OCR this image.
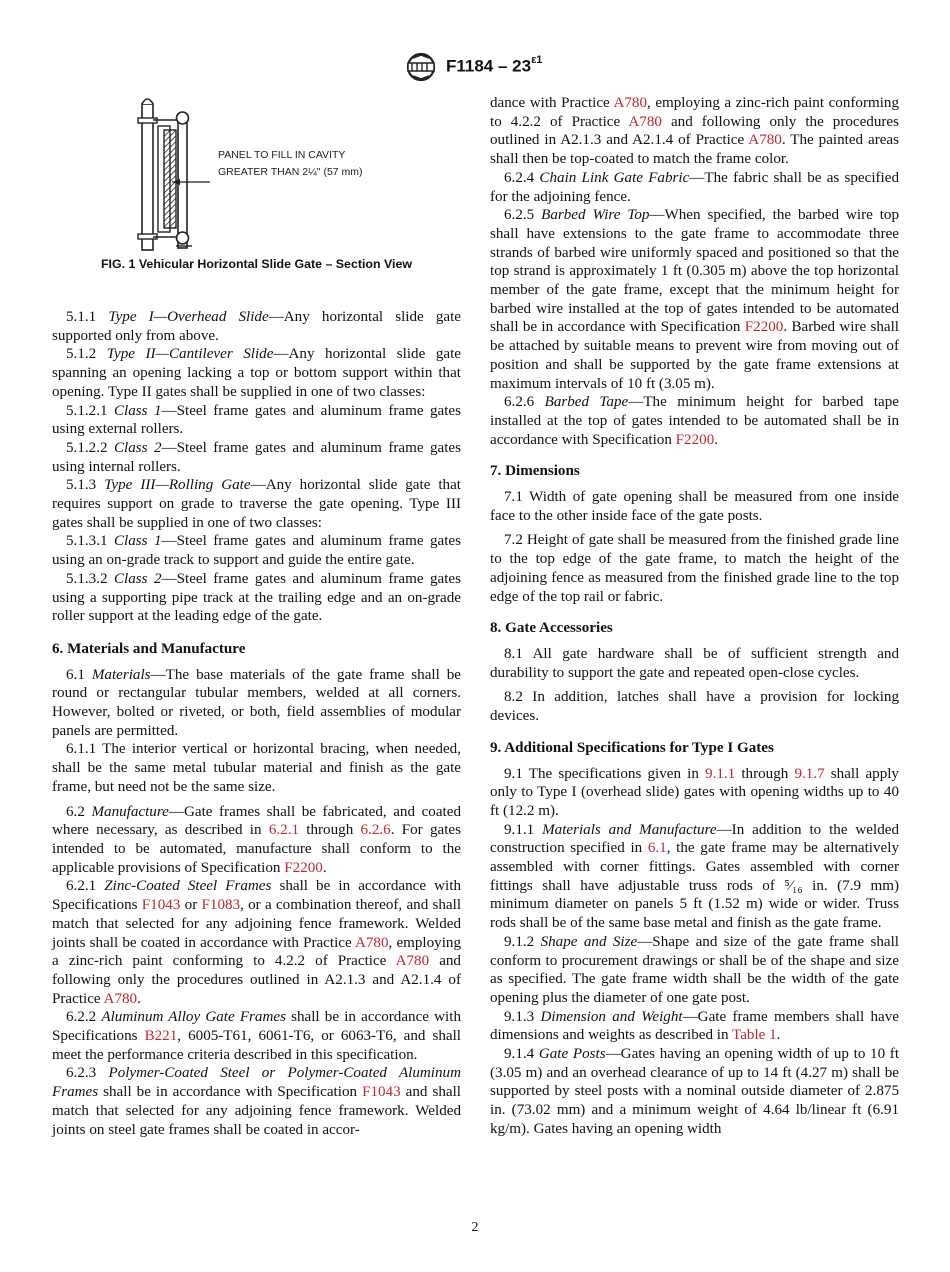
$F1184 - 23^{\varepsilon 1}$
PANEL TO FILL IN CAVITY
GREATER THAN 2¼" (57 mm)
FIG. 1 Vehicular Horizontal Slide Gate – Section View

5.1.1 Type I—Overhead Slide—Any horizontal slide gate supported only from above.

5.1.2 Type II—Cantilever Slide—Any horizontal slide gate spanning an opening lacking a top or bottom support within that opening. Type II gates shall be supplied in one of two classes:

5.1.2.1 Class 1—Steel frame gates and aluminum frame gates using external rollers.

5.1.2.2 Class 2—Steel frame gates and aluminum frame gates using internal rollers.

5.1.3 Type III—Rolling Gate—Any horizontal slide gate that requires support on grade to traverse the gate opening. Type III gates shall be supplied in one of two classes:

5.1.3.1 Class 1—Steel frame gates and aluminum frame gates using an on-grade track to support and guide the entire gate.

5.1.3.2 Class 2—Steel frame gates and aluminum frame gates using a supporting pipe track at the trailing edge and an on-grade roller support at the leading edge of the gate.

6. Materials and Manufacture

6.1 Materials—The base materials of the gate frame shall be round or rectangular tubular members, welded at all corners. However, bolted or riveted, or both, field assemblies of modular panels are permitted.

6.1.1 The interior vertical or horizontal bracing, when needed, shall be the same metal tubular material and finish as the gate frame, but need not be the same size.

6.2 Manufacture—Gate frames shall be fabricated, and coated where necessary, as described in 6.2.1 through 6.2.6. For gates intended to be automated, manufacture shall conform to the applicable provisions of Specification F2200.

6.2.1 Zinc-Coated Steel Frames shall be in accordance with Specifications F1043 or F1083, or a combination thereof, and shall match that selected for any adjoining fence framework. Welded joints shall be coated in accordance with Practice A780, employing a zinc-rich paint conforming to 4.2.2 of Practice A780 and following only the procedures outlined in A2.1.3 and A2.1.4 of Practice A780.

6.2.2 Aluminum Alloy Gate Frames shall be in accordance with Specifications B221, 6005-T61, 6061-T6, or 6063-T6, and shall meet the performance criteria described in this specification.

6.2.3 Polymer-Coated Steel or Polymer-Coated Aluminum Frames shall be in accordance with Specification F1043 and shall match that selected for any adjoining fence framework. Welded joints on steel gate frames shall be coated in accor-

dance with Practice A780, employing a zinc-rich paint conforming to 4.2.2 of Practice A780 and following only the procedures outlined in A2.1.3 and A2.1.4 of Practice A780. The painted areas shall then be top-coated to match the frame color.

6.2.4 Chain Link Gate Fabric—The fabric shall be as specified for the adjoining fence.

6.2.5 Barbed Wire Top—When specified, the barbed wire top shall have extensions to the gate frame to accommodate three strands of barbed wire uniformly spaced and positioned so that the top strand is approximately 1 ft (0.305 m) above the top horizontal member of the gate frame, except that the minimum height for barbed wire installed at the top of gates intended to be automated shall be in accordance with Specification F2200. Barbed wire shall be attached by suitable means to prevent wire from moving out of position and shall be supported by the gate frame extensions at maximum intervals of 10 ft (3.05 m).

6.2.6 Barbed Tape—The minimum height for barbed tape installed at the top of gates intended to be automated shall be in accordance with Specification F2200.

7. Dimensions

7.1 Width of gate opening shall be measured from one inside face to the other inside face of the gate posts.

7.2 Height of gate shall be measured from the finished grade line to the top edge of the gate frame, to match the height of the adjoining fence as measured from the finished grade line to the top edge of the top rail or fabric.

8. Gate Accessories

8.1 All gate hardware shall be of sufficient strength and durability to support the gate and repeated open-close cycles.

8.2 In addition, latches shall have a provision for locking devices.

9. Additional Specifications for Type I Gates

9.1 The specifications given in 9.1.1 through 9.1.7 shall apply only to Type I (overhead slide) gates with opening widths up to 40 ft (12.2 m).

9.1.1 Materials and Manufacture—In addition to the welded construction specified in 6.1, the gate frame may be alternatively assembled with corner fittings. Gates assembled with corner fittings shall have adjustable truss rods of ⁵⁄₁₆ in. (7.9 mm) minimum diameter on panels 5 ft (1.52 m) wide or wider. Truss rods shall be of the same base metal and finish as the gate frame.

9.1.2 Shape and Size—Shape and size of the gate frame shall conform to procurement drawings or shall be of the shape and size as specified. The gate frame width shall be the width of the gate opening plus the diameter of one gate post.

9.1.3 Dimension and Weight—Gate frame members shall have dimensions and weights as described in Table 1.

9.1.4 Gate Posts—Gates having an opening width of up to 10 ft (3.05 m) and an overhead clearance of up to 14 ft (4.27 m) shall be supported by steel posts with a nominal outside diameter of 2.875 in. (73.02 mm) and a minimum weight of 4.64 lb/linear ft (6.91 kg/m). Gates having an opening width

2
